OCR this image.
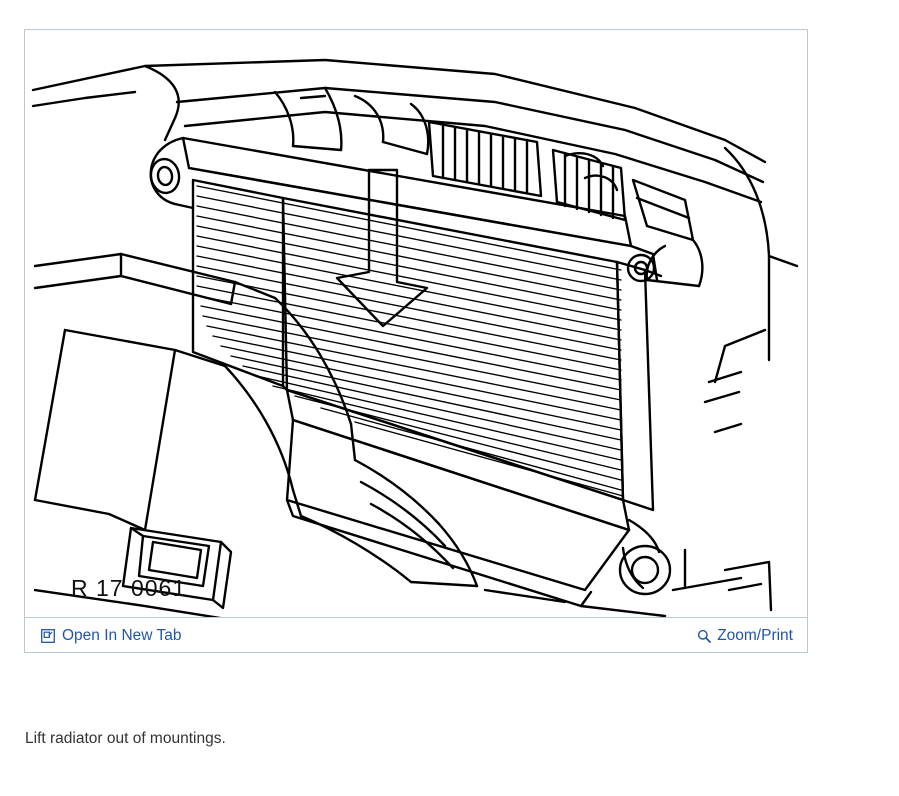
R 17 0061
Open In New Tab	Zoom/Print
Lift radiator out of mountings.
